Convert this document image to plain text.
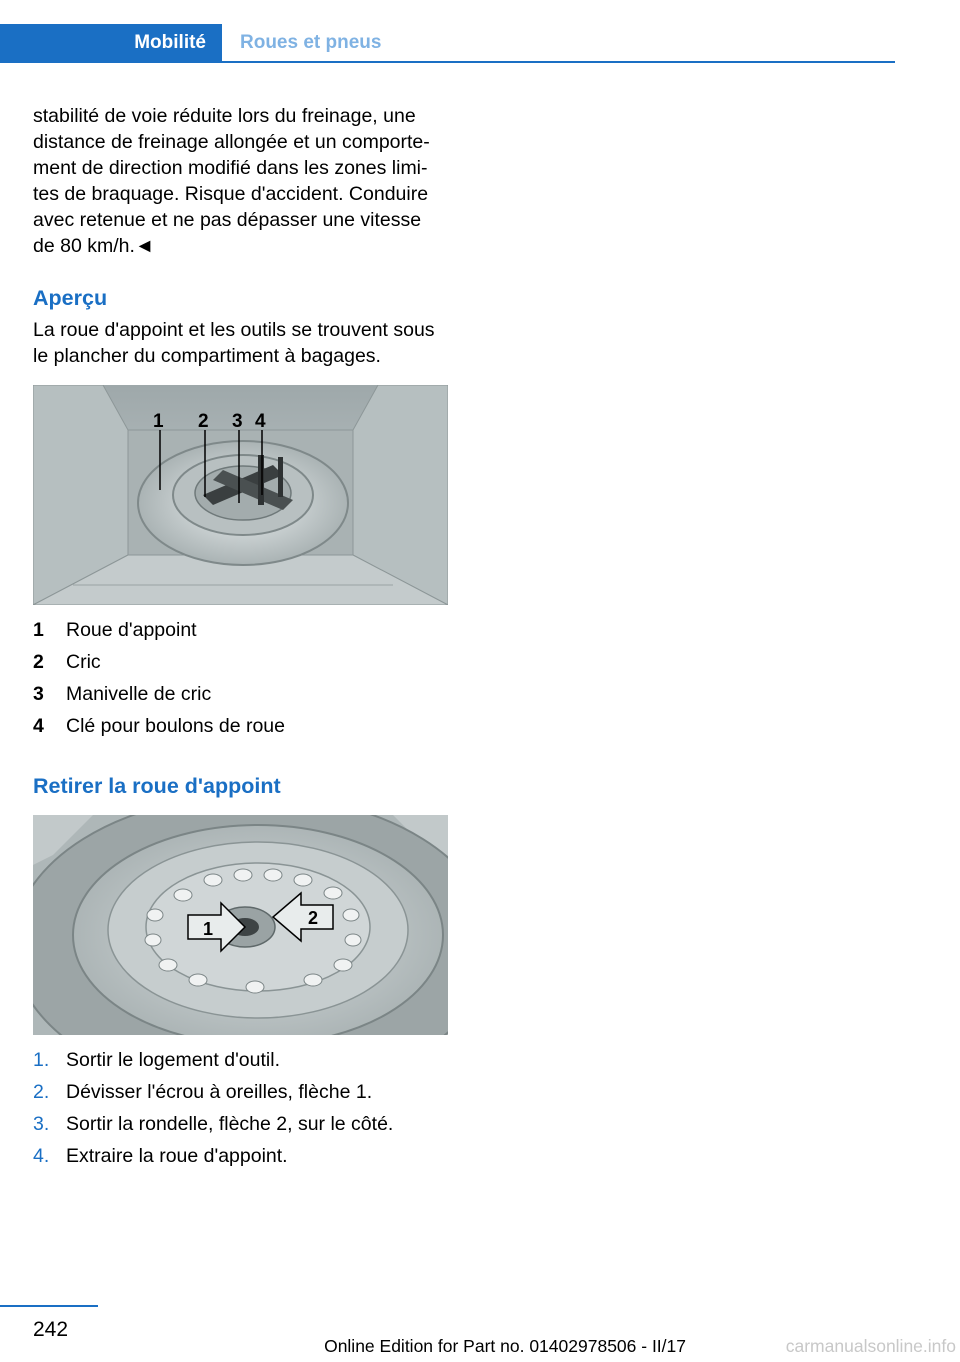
Mobilité	Roues et pneus

stabilité de voie réduite lors du freinage, une

distance de freinage allongée et un comporte-

ment de direction modifié dans les zones limi-

tes de braquage. Risque d'accident. Conduire

avec retenue et ne pas dépasser une vitesse

de 80 km/h.◄

Aperçu

La roue d'appoint et les outils se trouvent sous

le plancher du compartiment à bagages.

1 2 3 4
1 Roue d'appoint
2 Cric
3 Manivelle de cric
4 Clé pour boulons de roue
Retirer la roue d'appoint
1
2
1. Sortir le logement d'outil.
2. Dévisser l'écrou à oreilles, flèche 1.
3. Sortir la rondelle, flèche 2, sur le côté.
4. Extraire la roue d'appoint.
242
Online Edition for Part no. 01402978506 - II/17	carmanualsonline.info
